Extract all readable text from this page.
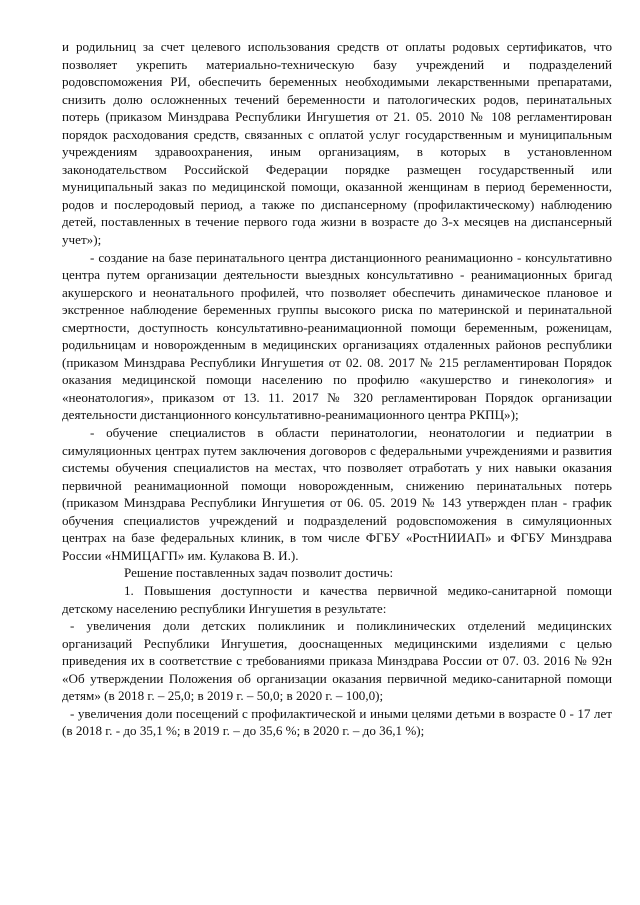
и родильниц за счет целевого использования средств от оплаты родовых сертификатов, что позволяет укрепить материально-техническую базу учреждений и подразделений родовспоможения РИ, обеспечить беременных необходимыми лекарственными препаратами, снизить долю осложненных течений беременности и патологических родов, перинатальных потерь (приказом Минздрава Республики Ингушетия от 21. 05. 2010 № 108 регламентирован порядок расходования средств, связанных с оплатой услуг государственным и муниципальным учреждениям здравоохранения, иным организациям, в которых в установленном законодательством Российской Федерации порядке размещен государственный или муниципальный заказ по медицинской помощи, оказанной женщинам в период беременности, родов и послеродовый период, а также по диспансерному (профилактическому) наблюдению детей, поставленных в течение первого года жизни в возрасте до 3-х месяцев на диспансерный учет»);

- создание на базе перинатального центра дистанционного реанимационно - консультативно центра путем организации деятельности выездных консультативно - реанимационных бригад акушерского и неонатального профилей, что позволяет обеспечить динамическое плановое и экстренное наблюдение беременных группы высокого риска по материнской и перинатальной смертности, доступность консультативно-реанимационной помощи беременным, роженицам, родильницам и новорожденным в медицинских организациях отдаленных районов республики (приказом Минздрава Республики Ингушетия от 02. 08. 2017 № 215 регламентирован Порядок оказания медицинской помощи населению по профилю «акушерство и гинекология» и «неонатология», приказом от 13. 11. 2017 № 320 регламентирован Порядок организации деятельности дистанционного консультативно-реанимационного центра РКПЦ»);

- обучение специалистов в области перинатологии, неонатологии и педиатрии в симуляционных центрах путем заключения договоров с федеральными учреждениями и развития системы обучения специалистов на местах, что позволяет отработать у них навыки оказания первичной реанимационной помощи новорожденным, снижению перинатальных потерь (приказом Минздрава Республики Ингушетия от 06. 05. 2019 № 143 утвержден план - график обучения специалистов учреждений и подразделений родовспоможения в симуляционных центрах на базе федеральных клиник, в том числе ФГБУ «РостНИИАП» и ФГБУ Минздрава России «НМИЦАГП» им. Кулакова В. И.).

Решение поставленных задач позволит достичь:

1. Повышения доступности и качества первичной медико-санитарной помощи детскому населению республики Ингушетия в результате:

- увеличения доли детских поликлиник и поликлинических отделений медицинских организаций Республики Ингушетия, дооснащенных медицинскими изделиями с целью приведения их в соответствие с требованиями приказа Минздрава России от 07. 03. 2016 № 92н «Об утверждении Положения об организации оказания первичной медико-санитарной помощи детям» (в 2018 г. – 25,0; в 2019 г. – 50,0; в 2020 г. – 100,0);

- увеличения доли посещений с профилактической и иными целями детьми в возрасте 0 - 17 лет (в 2018 г. - до 35,1 %; в 2019 г. – до 35,6 %; в 2020 г. – до 36,1 %);
